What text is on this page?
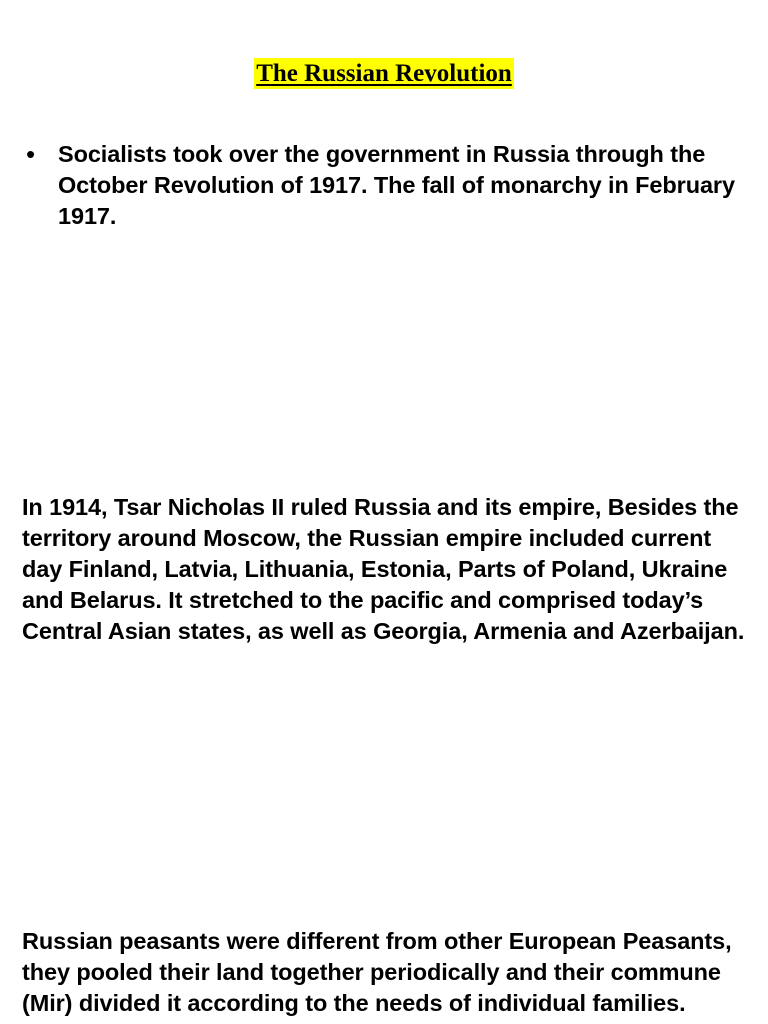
The Russian Revolution
• Socialists took over the government in Russia through the October Revolution of 1917. The fall of monarchy in February 1917.
In 1914, Tsar Nicholas II ruled Russia and its empire, Besides the territory around Moscow, the Russian empire included current day Finland, Latvia, Lithuania, Estonia, Parts of Poland, Ukraine and Belarus. It stretched to the pacific and comprised today’s Central Asian states, as well as Georgia, Armenia and Azerbaijan.
Russian peasants were different from other European Peasants, they pooled their land together periodically and their commune (Mir) divided it according to the needs of individual families.
